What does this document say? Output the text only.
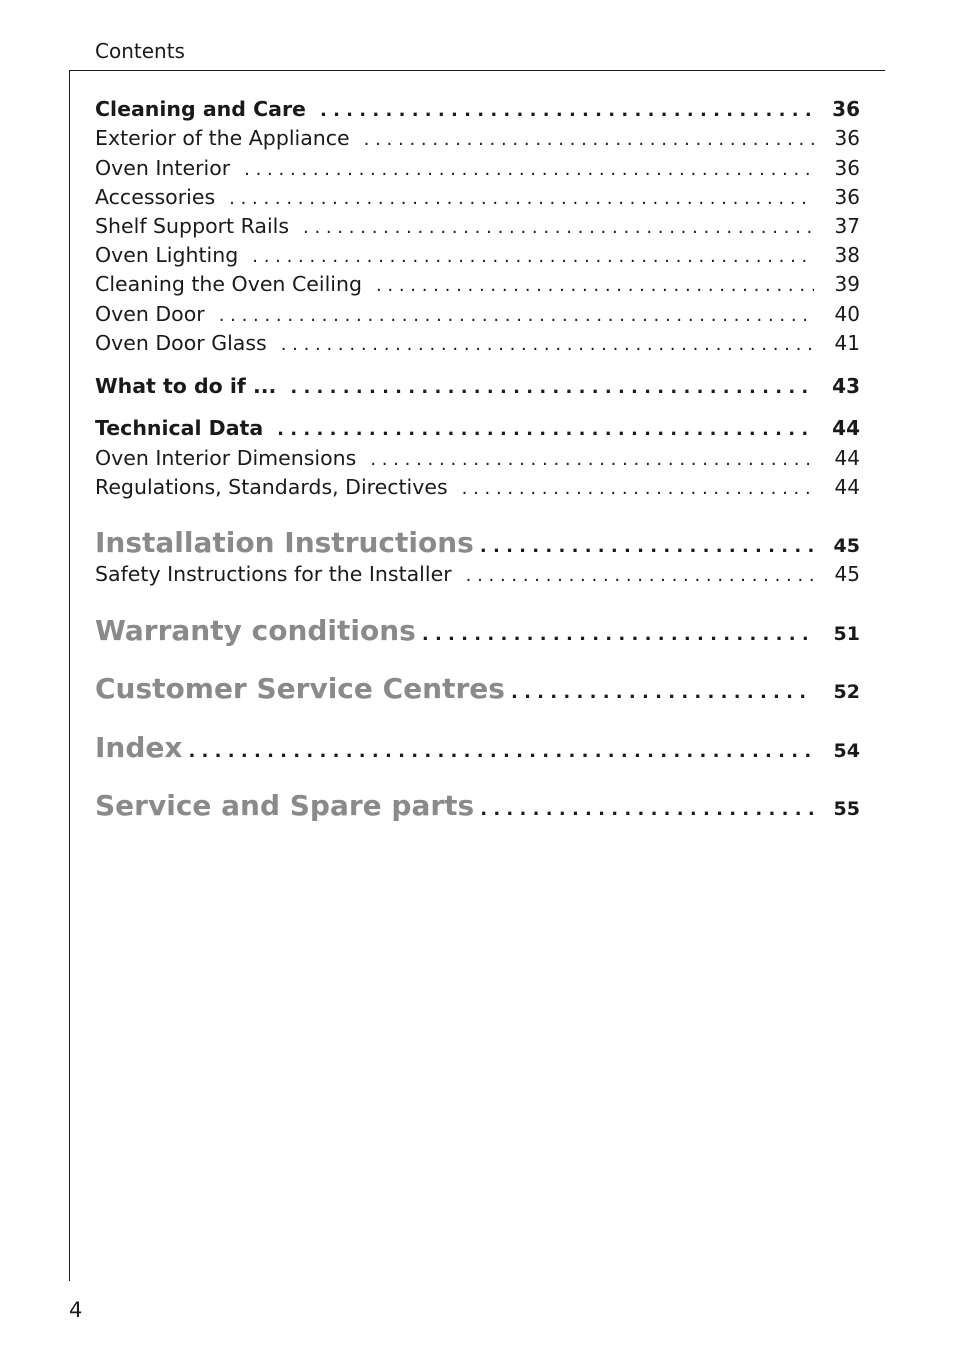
Contents
Cleaning and Care . . .	36
Exterior of the Appliance . . .	36
Oven Interior . . .	36
Accessories . . .	36
Shelf Support Rails . . .	37
Oven Lighting . . .	38
Cleaning the Oven Ceiling . . .	39
Oven Door . . .	40
Oven Door Glass . . .	41
What to do if ... . . .	43
Technical Data . . .	44
Oven Interior Dimensions . . .	44
Regulations, Standards, Directives . . .	44
Installation Instructions . . .	45
Safety Instructions for the Installer . . .	45
Warranty conditions . . .	51
Customer Service Centres . . .	52
Index . . .	54
Service and Spare parts . . .	55
4
